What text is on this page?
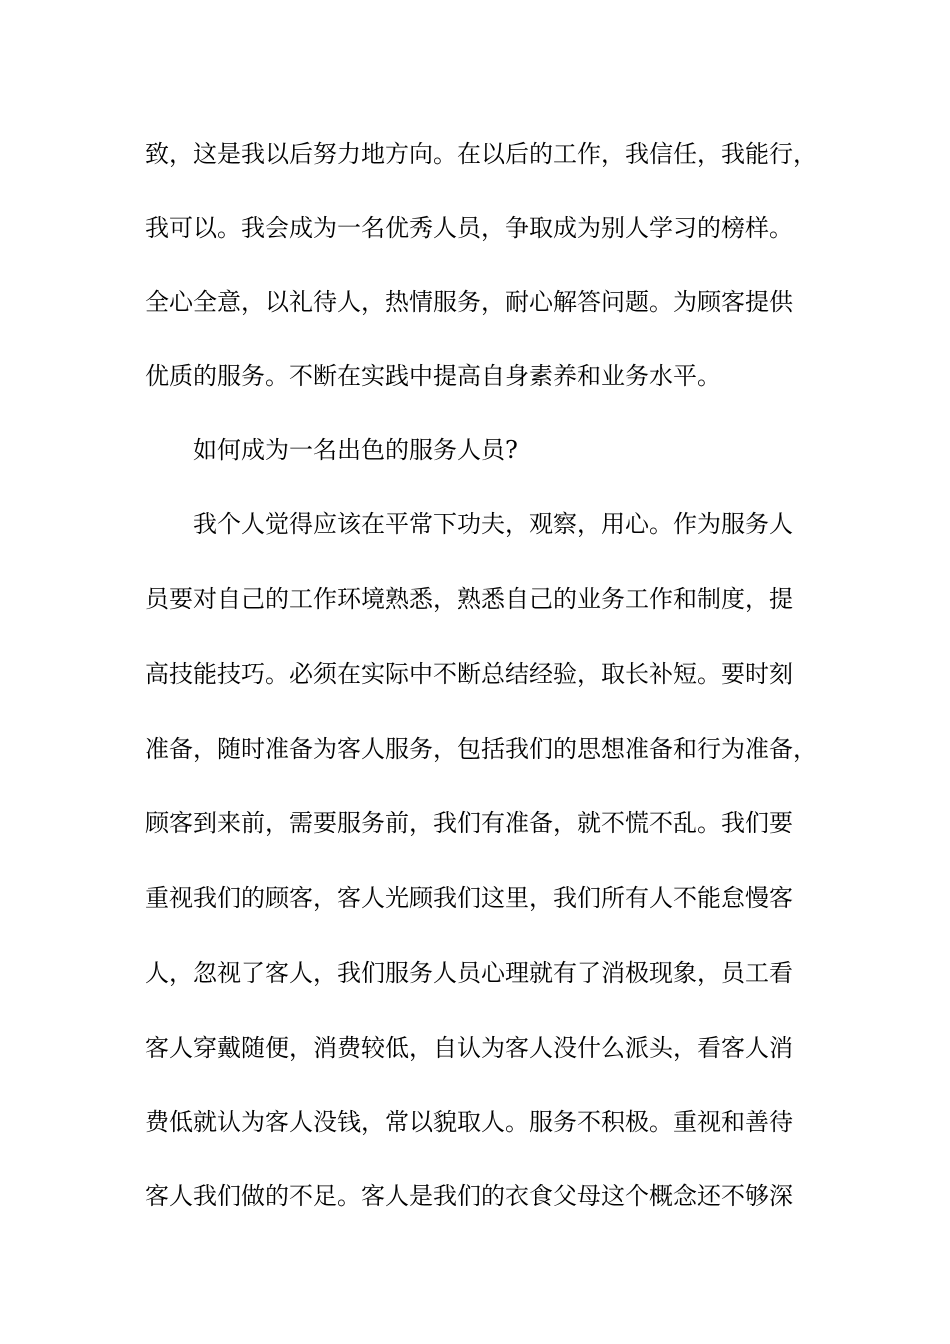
致，这是我以后努力地方向。在以后的工作，我信任，我能行，
我可以。我会成为一名优秀人员，争取成为别人学习的榜样。
全心全意，以礼待人，热情服务，耐心解答问题。为顾客提供
优质的服务。不断在实践中提高自身素养和业务水平。
如何成为一名出色的服务人员?
我个人觉得应该在平常下功夫，观察，用心。作为服务人
员要对自己的工作环境熟悉，熟悉自己的业务工作和制度，提
高技能技巧。必须在实际中不断总结经验，取长补短。要时刻
准备，随时准备为客人服务，包括我们的思想准备和行为准备，
顾客到来前，需要服务前，我们有准备，就不慌不乱。我们要
重视我们的顾客，客人光顾我们这里，我们所有人不能怠慢客
人，忽视了客人，我们服务人员心理就有了消极现象，员工看
客人穿戴随便，消费较低，自认为客人没什么派头，看客人消
费低就认为客人没钱，常以貌取人。服务不积极。重视和善待
客人我们做的不足。客人是我们的衣食父母这个概念还不够深
